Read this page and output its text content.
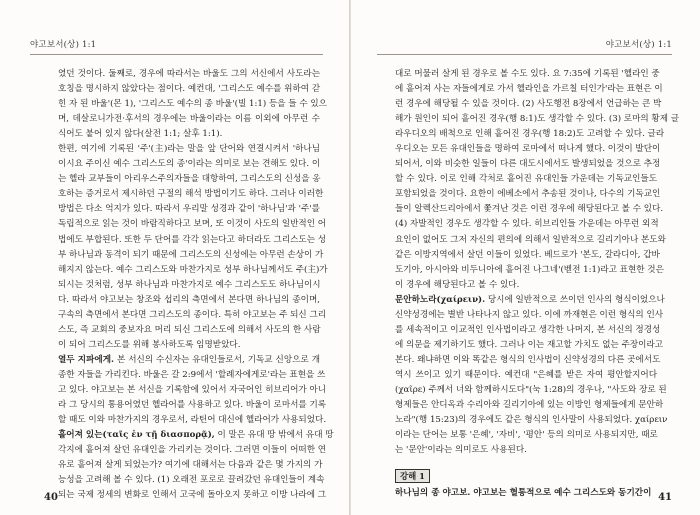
야고보서(상) 1:1
였던 것이다. 둘째로, 경우에 따라서는 바울도 그의 서신에서 사도라는
호칭을 명시하지 않았다는 점이다. 예컨대, '그리스도 예수를 위하여 갇
힌 자 된 바울'(몬 1), '그리스도 예수의 종 바울'(빌 1:1) 등을 들 수 있으
며, 데살로니가전·후서의 경우에는 바울이라는 이름 이외에 아무런 수
식어도 붙어 있지 않다(살전 1:1; 살후 1:1).
한편, 여기에 기록된 '주'(主)라는 말을 앞 단어와 연결시켜서 '하나님
이시요 주이신 예수 그리스도의 종'이라는 의미로 보는 견해도 있다. 이
는 헬라 교부들이 아리우스주의자들을 대항하여, 그리스도의 신성을 옹
호하는 증거로서 제시하던 구절의 해석 방법이기도 하다. 그러나 이러한
방법은 다소 억지가 있다. 따라서 우리말 성경과 같이 '하나님'과 '주'를
독립적으로 읽는 것이 바람직하다고 보며, 또 이것이 사도의 일반적인 어
법에도 부합된다. 또한 두 단어를 각각 읽는다고 하더라도 그리스도는 성
부 하나님과 동격이 되기 때문에 그리스도의 신성에는 아무런 손상이 가
해지지 않는다. 예수 그리스도와 마찬가지로 성부 하나님께서도 주(主)가
되시는 것처럼, 성부 하나님과 마찬가지로 예수 그리스도도 하나님이시
다. 따라서 야고보는 창조와 섭리의 측면에서 본다면 하나님의 종이며,
구속의 측면에서 본다면 그리스도의 종이다. 특히 야고보는 주 되신 그리
스도, 즉 교회의 중보자요 머리 되신 그리스도에 의해서 사도의 한 사람
이 되어 그리스도를 위해 봉사하도록 임명받았다.
열두 지파에게. 본 서신의 수신자는 유대인들로서, 기독교 신앙으로 개
종한 자들을 가리킨다. 바울은 갈 2:9에서 '할례자에게로'라는 표현을 쓰
고 있다. 야고보는 본 서신을 기록함에 있어서 자국어인 히브리어가 아니
라 그 당시의 통용어였던 헬라어를 사용하고 있다. 바울이 로마서를 기록
할 때도 이와 마찬가지의 경우로서, 라틴어 대신에 헬라어가 사용되었다.
흩어져 있는(ταῖς ἐν τῇ διασπορᾷ), 이 말은 유대 땅 밖에서 유대 땅
각지에 흩어져 살던 유대인을 가리키는 것이다. 그러면 이들이 어떠한 연
유로 흩어져 살게 되었는가? 여기에 대해서는 다음과 같은 몇 가지의 가
능성을 고려해 볼 수 있다. (1) 오래전 포로로 끌려갔던 유대인들이 계속
되는 국제 정세의 변화로 인해서 고국에 돌아오지 못하고 이방 나라에 그
40
야고보서(상) 1:1
대로 머물러 살게 된 경우로 볼 수도 있다. 요 7:35에 기록된 '헬라인 중
에 흩어져 사는 자들에게로 가서 헬라인을 가르칠 터인가'라는 표현은 이
런 경우에 해당될 수 있을 것이다. (2) 사도행전 8장에서 언급하는 큰 박
해가 원인이 되어 흩어진 경우(행 8:1)도 생각할 수 있다. (3) 로마의 황제 글
라우디오의 배척으로 인해 흩어진 경우(행 18:2)도 고려할 수 있다. 글라
우디오는 모든 유대인들을 명하여 로마에서 떠나게 했다. 이것이 발단이
되어서, 이와 비슷한 일들이 다른 대도시에서도 발생되었을 것으로 추정
할 수 있다. 이로 인해 각처로 흩어진 유대인들 가운데는 기독교인들도
포함되었을 것이다. 요한이 에베소에서 추송된 것이나, 다수의 기독교인
들이 알렉산드리아에서 쫓겨난 것은 이런 경우에 해당된다고 볼 수 있다.
(4) 자발적인 경우도 생각할 수 있다. 히브리인들 가운데는 아무런 외적
요인이 없어도 그저 자신의 편의에 의해서 일반적으로 길리기아나 본도와
같은 이방지역에서 살던 이들이 있었다. 베드로가 '본도, 갈라디아, 갑바
도기아, 아시아와 비두니아에 흩어진 나그네'(벧전 1:1)라고 표현한 것은
이 경우에 해당된다고 볼 수 있다.
문안하노라(χαίρειν). 당시에 일반적으로 쓰이던 인사의 형식이었으나
신약성경에는 별반 나타나지 않고 있다. 이에 까재현은 이런 형식의 인사
를 세속적이고 이교적인 인사법이라고 생각한 나머지, 본 서신의 정경성
에 의문을 제기하기도 했다. 그러나 이는 재고할 가치도 없는 주장이라고
본다. 왜냐하면 이와 똑같은 형식의 인사법이 신약성경의 다른 곳에서도
역시 쓰이고 있기 때문이다. 예컨대 "은혜를 받은 자여 평안할지어다
(χαῖρε) 주께서 너와 함께하시도다"(눅 1:28)의 경우나, "사도와 장로 된
형제들은 안디옥과 수리아와 길리기아에 있는 이방인 형제들에게 문안하
노라"(행 15:23)의 경우에도 같은 형식의 인사말이 사용되었다. χαίρειν
이라는 단어는 보통 '은혜', '자비', '평안' 등의 의미로 사용되지만, 때로
는 '문안'이라는 의미로도 사용된다.
강해 1
하나님의 종 야고보. 야고보는 혈통적으로 예수 그리스도와 동기간이 41
